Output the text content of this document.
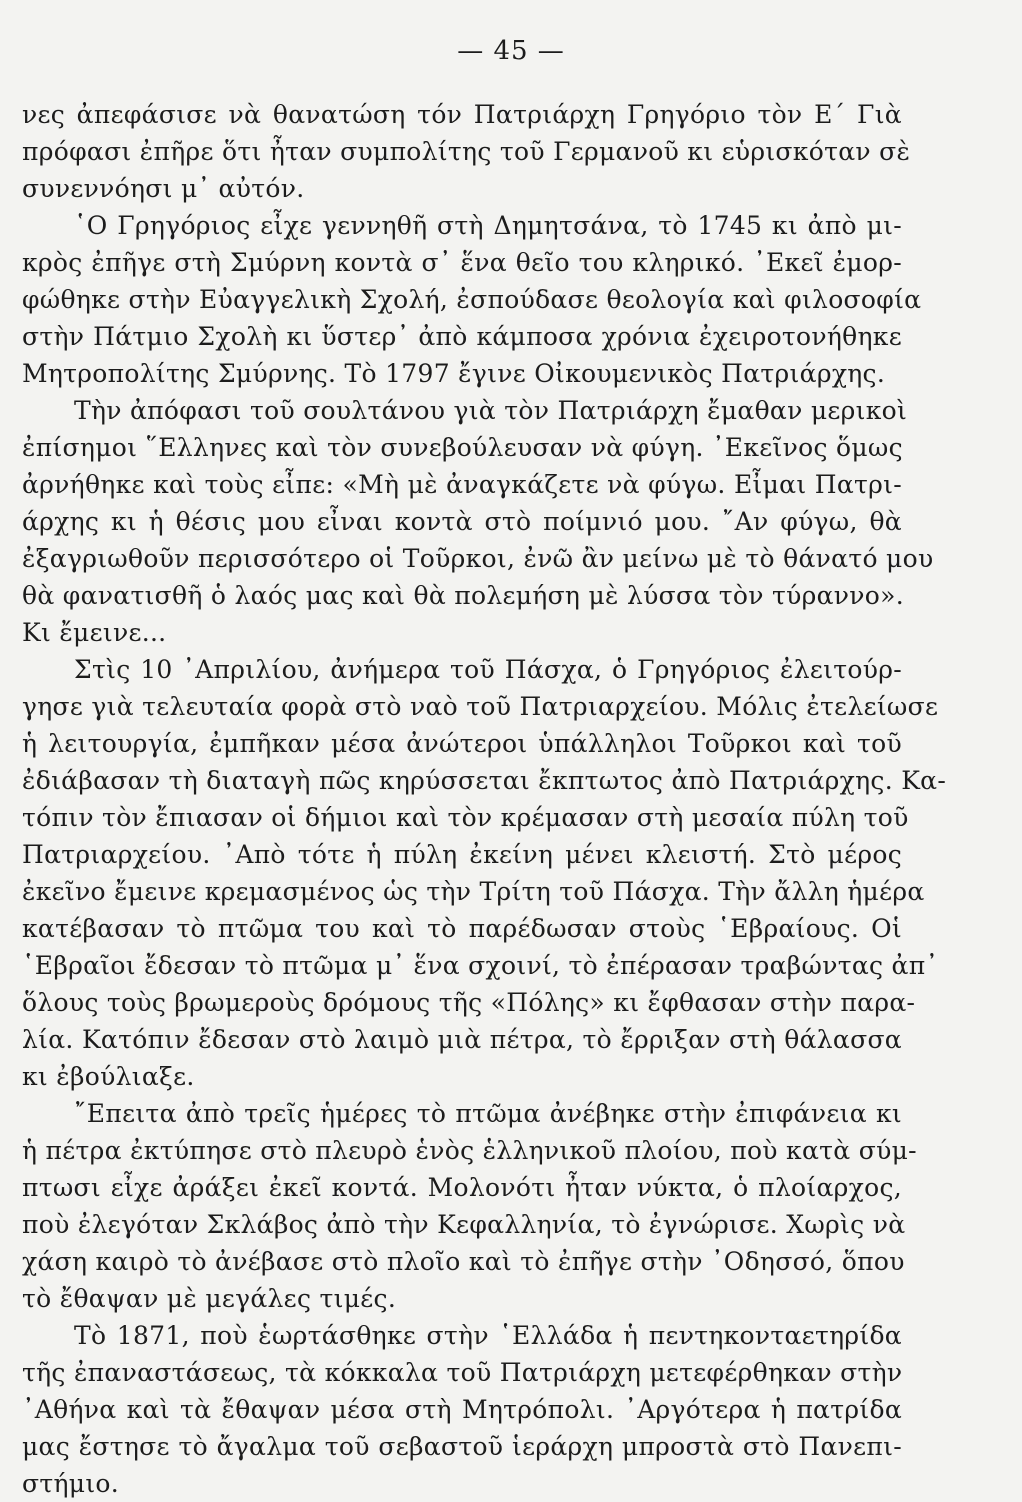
— 45 —
νες ἀπεφάσισε νὰ θανατώση τόν Πατριάρχη Γρηγόριο τὸν Ε΄ Γιὰ
πρόφασι ἐπῆρε ὅτι ἦταν συμπολίτης τοῦ Γερμανοῦ κι εὑρισκόταν σὲ
συνεννόησι μ᾿ αὐτόν.
῾Ο Γρηγόριος εἶχε γεννηθῆ στὴ Δημητσάνα, τὸ 1745 κι ἀπὸ μι-
κρὸς ἐπῆγε στὴ Σμύρνη κοντὰ σ᾿ ἕνα θεῖο του κληρικό. ᾿Εκεῖ ἐμορ-
φώθηκε στὴν Εὐαγγελικὴ Σχολή, ἐσπούδασε θεολογία καὶ φιλοσοφία
στὴν Πάτμιο Σχολὴ κι ὕστερ᾿ ἀπὸ κάμποσα χρόνια ἐχειροτονήθηκε
Μητροπολίτης Σμύρνης. Τὸ 1797 ἔγινε Οἰκουμενικὸς Πατριάρχης.
Τὴν ἀπόφασι τοῦ σουλτάνου γιὰ τὸν Πατριάρχη ἔμαθαν μερικοὶ
ἐπίσημοι ῞Ελληνες καὶ τὸν συνεβούλευσαν νὰ φύγη. ᾿Εκεῖνος ὅμως
ἀρνήθηκε καὶ τοὺς εἶπε: «Μὴ μὲ ἀναγκάζετε νὰ φύγω. Εἶμαι Πατρι-
άρχης κι ἡ θέσις μου εἶναι κοντὰ στὸ ποίμνιό μου. ῎Αν φύγω, θὰ
ἐξαγριωθοῦν περισσότερο οἱ Τοῦρκοι, ἐνῶ ἂν μείνω μὲ τὸ θάνατό μου
θὰ φανατισθῆ ὁ λαός μας καὶ θὰ πολεμήση μὲ λύσσα τὸν τύραννο».
Κι ἔμεινε...
Στὶς 10 ᾿Απριλίου, ἀνήμερα τοῦ Πάσχα, ὁ Γρηγόριος ἐλειτούρ-
γησε γιὰ τελευταία φορὰ στὸ ναὸ τοῦ Πατριαρχείου. Μόλις ἐτελείωσε
ἡ λειτουργία, ἐμπῆκαν μέσα ἀνώτεροι ὑπάλληλοι Τοῦρκοι καὶ τοῦ
ἐδιάβασαν τὴ διαταγὴ πῶς κηρύσσεται ἔκπτωτος ἀπὸ Πατριάρχης. Κα-
τόπιν τὸν ἔπιασαν οἱ δήμιοι καὶ τὸν κρέμασαν στὴ μεσαία πύλη τοῦ
Πατριαρχείου. ᾿Απὸ τότε ἡ πύλη ἐκείνη μένει κλειστή. Στὸ μέρος
ἐκεῖνο ἔμεινε κρεμασμένος ὡς τὴν Τρίτη τοῦ Πάσχα. Τὴν ἄλλη ἡμέρα
κατέβασαν τὸ πτῶμα του καὶ τὸ παρέδωσαν στοὺς ῾Εβραίους. Οἱ
῾Εβραῖοι ἔδεσαν τὸ πτῶμα μ᾿ ἕνα σχοινί, τὸ ἐπέρασαν τραβώντας ἀπ᾿
ὅλους τοὺς βρωμεροὺς δρόμους τῆς «Πόλης» κι ἔφθασαν στὴν παρα-
λία. Κατόπιν ἔδεσαν στὸ λαιμὸ μιὰ πέτρα, τὸ ἔρριξαν στὴ θάλασσα
κι ἐβούλιαξε.
῎Επειτα ἀπὸ τρεῖς ἡμέρες τὸ πτῶμα ἀνέβηκε στὴν ἐπιφάνεια κι
ἡ πέτρα ἐκτύπησε στὸ πλευρὸ ἑνὸς ἑλληνικοῦ πλοίου, ποὺ κατὰ σύμ-
πτωσι εἶχε ἀράξει ἐκεῖ κοντά. Μολονότι ἦταν νύκτα, ὁ πλοίαρχος,
ποὺ ἐλεγόταν Σκλάβος ἀπὸ τὴν Κεφαλληνία, τὸ ἐγνώρισε. Χωρὶς νὰ
χάση καιρὸ τὸ ἀνέβασε στὸ πλοῖο καὶ τὸ ἐπῆγε στὴν ᾿Οδησσό, ὅπου
τὸ ἔθαψαν μὲ μεγάλες τιμές.
Τὸ 1871, ποὺ ἑωρτάσθηκε στὴν ῾Ελλάδα ἡ πεντηκονταετηρίδα
τῆς ἐπαναστάσεως, τὰ κόκκαλα τοῦ Πατριάρχη μετεφέρθηκαν στὴν
᾿Αθήνα καὶ τὰ ἔθαψαν μέσα στὴ Μητρόπολι. ᾿Αργότερα ἡ πατρίδα
μας ἔστησε τὸ ἄγαλμα τοῦ σεβαστοῦ ἱεράρχη μπροστὰ στὸ Πανεπι-
στήμιο.
